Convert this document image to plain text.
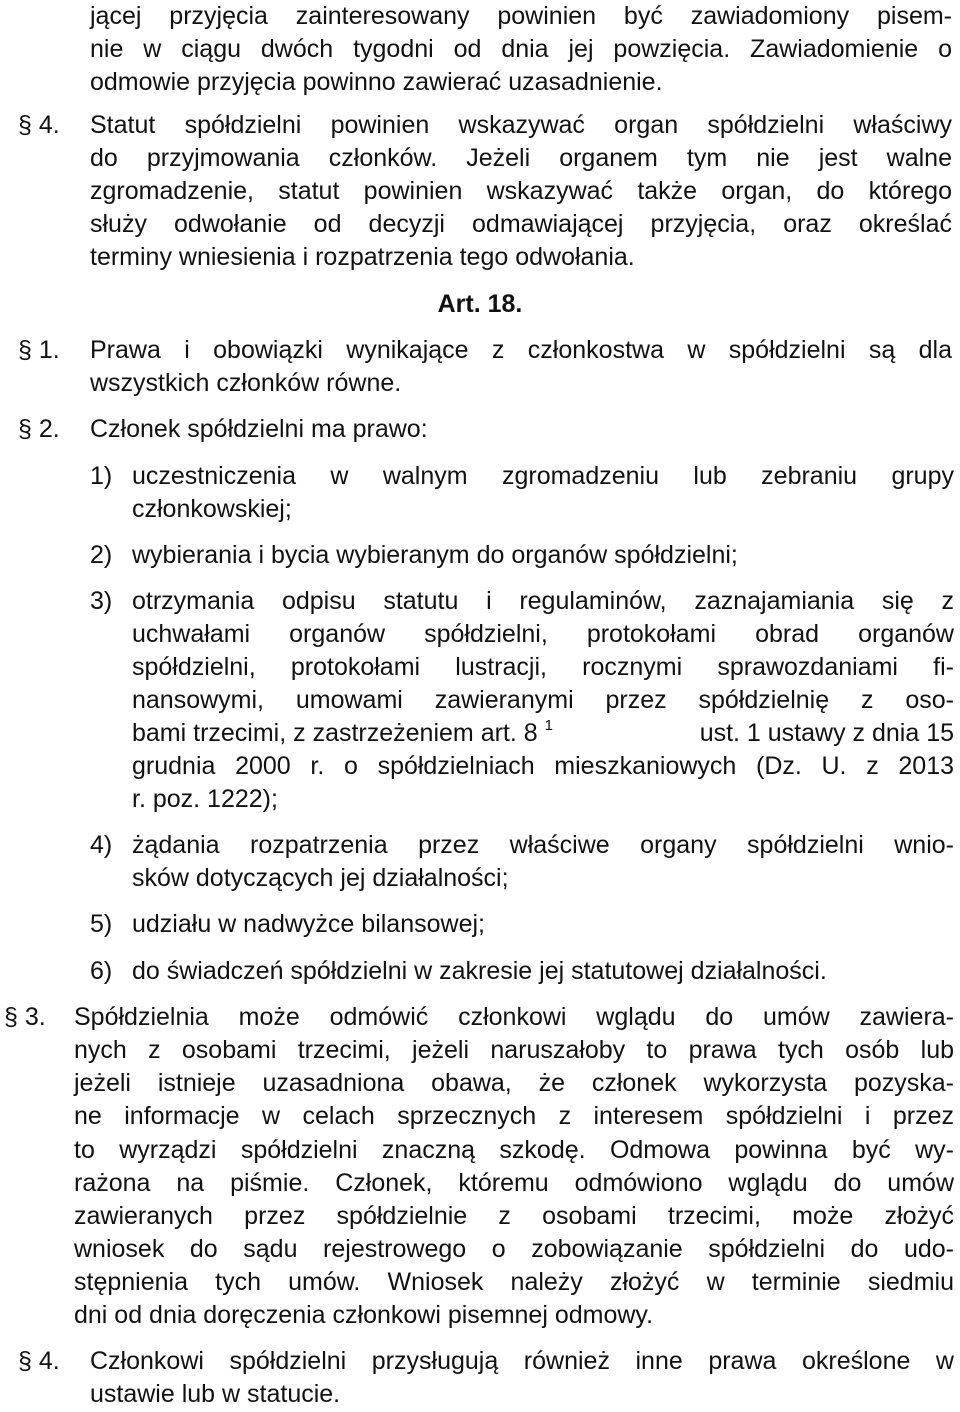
jącej przyjęcia zainteresowany powinien być zawiadomiony pisem-
nie w ciągu dwóch tygodni od dnia jej powzięcia. Zawiadomienie o
odmowie przyjęcia powinno zawierać uzasadnienie.
§ 4. Statut spółdzielni powinien wskazywać organ spółdzielni właściwy
do przyjmowania członków. Jeżeli organem tym nie jest walne
zgromadzenie, statut powinien wskazywać także organ, do którego
służy odwołanie od decyzji odmawiającej przyjęcia, oraz określać
terminy wniesienia i rozpatrzenia tego odwołania.
Art. 18.
§ 1. Prawa i obowiązki wynikające z członkostwa w spółdzielni są dla
wszystkich członków równe.
§ 2. Członek spółdzielni ma prawo:
1) uczestniczenia w walnym zgromadzeniu lub zebraniu grupy
członkowskiej;
2) wybierania i bycia wybieranym do organów spółdzielni;
3) otrzymania odpisu statutu i regulaminów, zaznajamiania się z
uchwałami organów spółdzielni, protokołami obrad organów
spółdzielni, protokołami lustracji, rocznymi sprawozdaniami fi-
nansowymi, umowami zawieranymi przez spółdzielnię z oso-
bami trzecimi, z zastrzeżeniem art. 8 $^1$	ust. 1 ustawy z dnia 15
grudnia 2000 r. o spółdzielniach mieszkaniowych (Dz. U. z 2013
r. poz. 1222);
4) żądania rozpatrzenia przez właściwe organy spółdzielni wnio-
sków dotyczących jej działalności;
5) udziału w nadwyżce bilansowej;
6) do świadczeń spółdzielni w zakresie jej statutowej działalności.
§ 3. Spółdzielnia może odmówić członkowi wglądu do umów zawiera-
nych z osobami trzecimi, jeżeli naruszałoby to prawa tych osób lub
jeżeli istnieje uzasadniona obawa, że członek wykorzysta pozyska-
ne informacje w celach sprzecznych z interesem spółdzielni i przez
to wyrządzi spółdzielni znaczną szkodę. Odmowa powinna być wy-
rażona na piśmie. Członek, któremu odmówiono wglądu do umów
zawieranych przez spółdzielnie z osobami trzecimi, może złożyć
wniosek do sądu rejestrowego o zobowiązanie spółdzielni do udo-
stępnienia tych umów. Wniosek należy złożyć w terminie siedmiu
dni od dnia doręczenia członkowi pisemnej odmowy.
§ 4. Członkowi spółdzielni przysługują również inne prawa określone w
ustawie lub w statucie.
